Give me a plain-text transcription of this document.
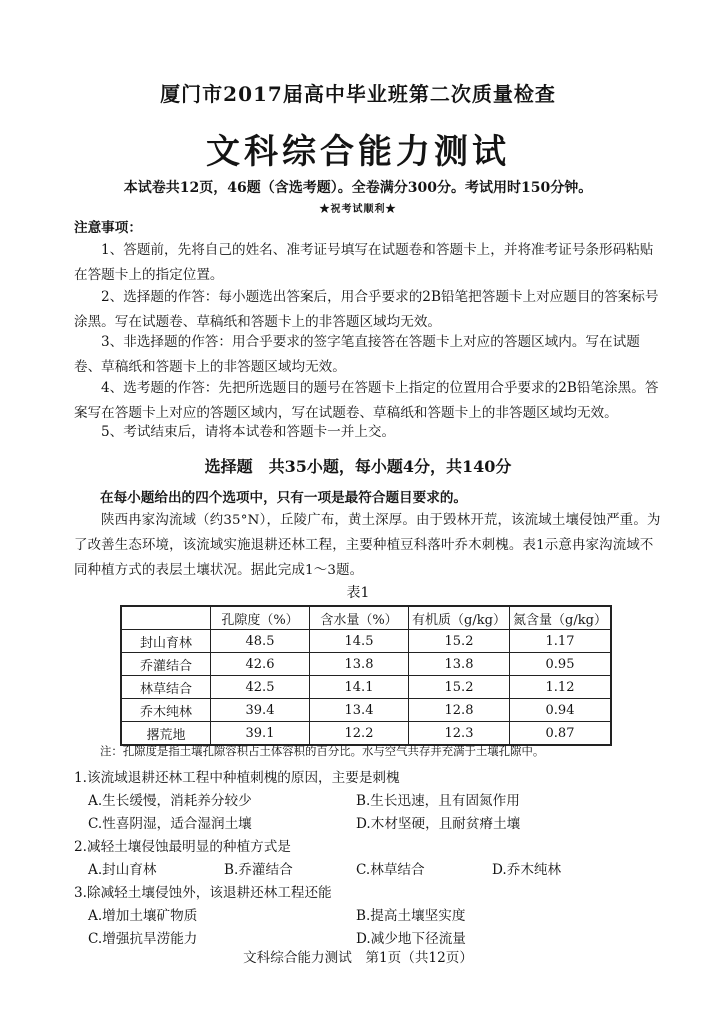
厦门市2017届高中毕业班第二次质量检查
文科综合能力测试
本试卷共12页，46题（含选考题）。全卷满分300分。考试用时150分钟。
★祝考试顺利★
注意事项：
1、答题前，先将自己的姓名、准考证号填写在试题卷和答题卡上，并将准考证号条形码粘贴在答题卡上的指定位置。
2、选择题的作答：每小题选出答案后，用合乎要求的2B铅笔把答题卡上对应题目的答案标号涂黑。写在试题卷、草稿纸和答题卡上的非答题区域均无效。
3、非选择题的作答：用合乎要求的签字笔直接答在答题卡上对应的答题区域内。写在试题卷、草稿纸和答题卡上的非答题区域均无效。
4、选考题的作答：先把所选题目的题号在答题卡上指定的位置用合乎要求的2B铅笔涂黑。答案写在答题卡上对应的答题区域内，写在试题卷、草稿纸和答题卡上的非答题区域均无效。
5、考试结束后，请将本试卷和答题卡一并上交。
选择题　共35小题，每小题4分，共140分
在每小题给出的四个选项中，只有一项是最符合题目要求的。
陕西冉家沟流域（约35°N），丘陵广布，黄土深厚。由于毁林开荒，该流域土壤侵蚀严重。为了改善生态环境，该流域实施退耕还林工程，主要种植豆科落叶乔木刺槐。表1示意冉家沟流域不同种植方式的表层土壤状况。据此完成1～3题。
表1
	孔隙度（%）	含水量（%）	有机质（g/kg）	氮含量（g/kg）
封山育林	48.5	14.5	15.2	1.17
乔灌结合	42.6	13.8	13.8	0.95
林草结合	42.5	14.1	15.2	1.12
乔木纯林	39.4	13.4	12.8	0.94
撂荒地	39.1	12.2	12.3	0.87
注：孔隙度是指土壤孔隙容积占土体容积的百分比。水与空气共存并充满于土壤孔隙中。
1.该流域退耕还林工程中种植刺槐的原因，主要是刺槐
A.生长缓慢，消耗养分较少	B.生长迅速，且有固氮作用
C.性喜阴湿，适合湿润土壤	D.木材坚硬，且耐贫瘠土壤
2.减轻土壤侵蚀最明显的种植方式是
A.封山育林	B.乔灌结合	C.林草结合	D.乔木纯林
3.除减轻土壤侵蚀外，该退耕还林工程还能
A.增加土壤矿物质	B.提高土壤坚实度
C.增强抗旱涝能力	D.减少地下径流量
文科综合能力测试　第1页（共12页）
